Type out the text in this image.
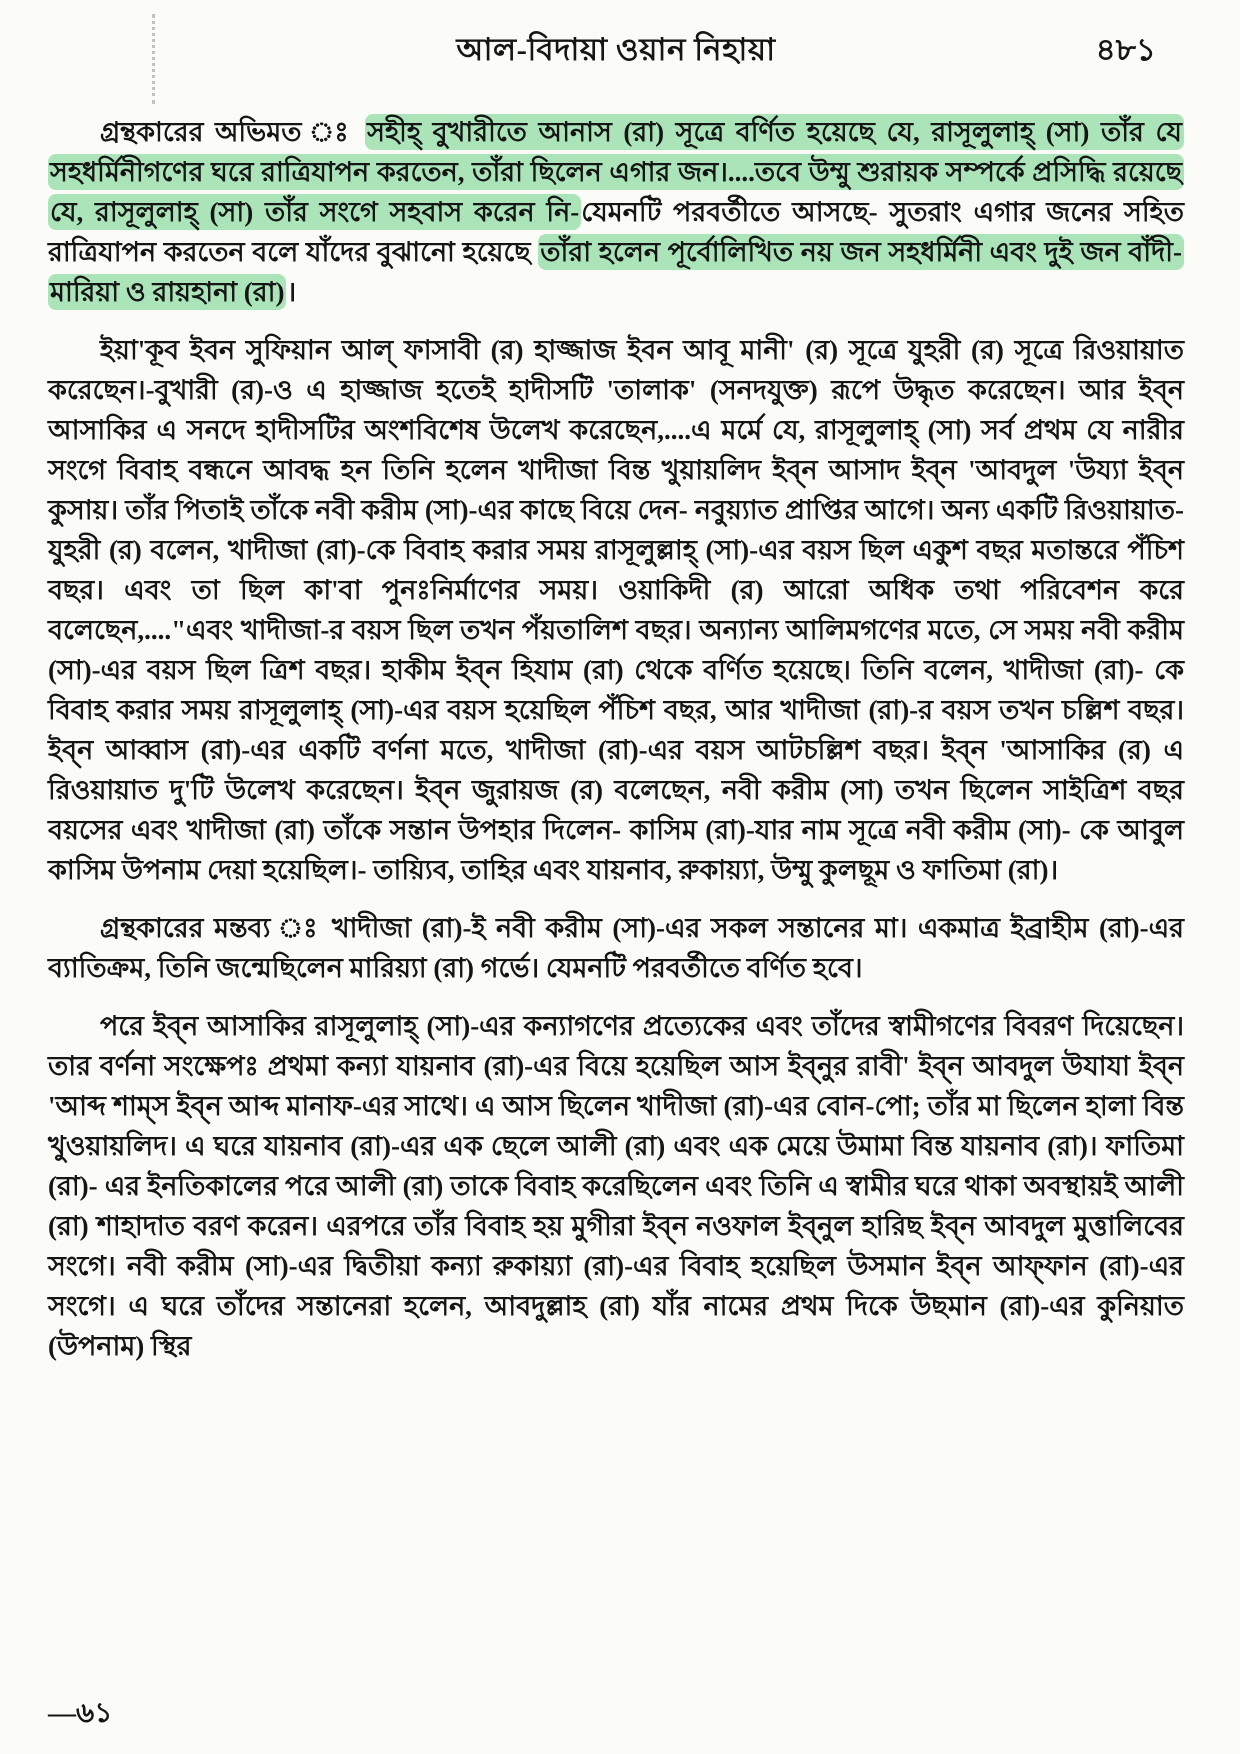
আল-বিদায়া ওয়ান নিহায়া	৪৮১

গ্রন্থকারের অভিমত ঃ সহীহ্ বুখারীতে আনাস (রা) সূত্রে বর্ণিত হয়েছে যে, রাসূলুলাহ্ (সা) তাঁর যে সহধর্মিনীগণের ঘরে রাত্রিযাপন করতেন, তাঁরা ছিলেন এগার জন।....তবে উম্মু শুরায়ক সম্পর্কে প্রসিদ্ধি রয়েছে যে, রাসূলুলাহ্ (সা) তাঁর সংগে সহবাস করেন নি-যেমনটি পরবর্তীতে আসছে- সুতরাং এগার জনের সহিত রাত্রিযাপন করতেন বলে যাঁদের বুঝানো হয়েছে তাঁরা হলেন পূর্বোলিখিত নয় জন সহধর্মিনী এবং দুই জন বাঁদী- মারিয়া ও রায়হানা (রা)।

ইয়া'কূব ইবন সুফিয়ান আল্ ফাসাবী (র) হাজ্জাজ ইবন আবূ মানী' (র) সূত্রে যুহরী (র) সূত্রে রিওয়ায়াত করেছেন।-বুখারী (র)-ও এ হাজ্জাজ হতেই হাদীসটি 'তালাক' (সনদযুক্ত) রূপে উদ্ধৃত করেছেন। আর ইব্ন আসাকির এ সনদে হাদীসটির অংশবিশেষ উলেখ করেছেন,....এ মর্মে যে, রাসূলুলাহ্ (সা) সর্ব প্রথম যে নারীর সংগে বিবাহ বন্ধনে আবদ্ধ হন তিনি হলেন খাদীজা বিন্ত খুয়ায়লিদ ইব্ন আসাদ ইব্ন 'আবদুল 'উয্যা ইব্ন কুসায়। তাঁর পিতাই তাঁকে নবী করীম (সা)-এর কাছে বিয়ে দেন- নবুয়্যাত প্রাপ্তির আগে। অন্য একটি রিওয়ায়াত- যুহরী (র) বলেন, খাদীজা (রা)-কে বিবাহ করার সময় রাসূলুল্লাহ্ (সা)-এর বয়স ছিল একুশ বছর মতান্তরে পঁচিশ বছর। এবং তা ছিল কা'বা পুনঃনির্মাণের সময়। ওয়াকিদী (র) আরো অধিক তথা পরিবেশন করে বলেছেন,...."এবং খাদীজা-র বয়স ছিল তখন পঁয়তালিশ বছর। অন্যান্য আলিমগণের মতে, সে সময় নবী করীম (সা)-এর বয়স ছিল ত্রিশ বছর। হাকীম ইব্ন হিযাম (রা) থেকে বর্ণিত হয়েছে। তিনি বলেন, খাদীজা (রা)- কে বিবাহ করার সময় রাসূলুলাহ্ (সা)-এর বয়স হয়েছিল পঁচিশ বছর, আর খাদীজা (রা)-র বয়স তখন চল্লিশ বছর। ইব্ন আব্বাস (রা)-এর একটি বর্ণনা মতে, খাদীজা (রা)-এর বয়স আটচল্লিশ বছর। ইব্ন 'আসাকির (র) এ রিওয়ায়াত দু'টি উলেখ করেছেন। ইব্ন জুরায়জ (র) বলেছেন, নবী করীম (সা) তখন ছিলেন সাইত্রিশ বছর বয়সের এবং খাদীজা (রা) তাঁকে সন্তান উপহার দিলেন- কাসিম (রা)-যার নাম সূত্রে নবী করীম (সা)- কে আবুল কাসিম উপনাম দেয়া হয়েছিল।- তায়্যিব, তাহির এবং যায়নাব, রুকায়্যা, উম্মু কুলছূম ও ফাতিমা (রা)।

গ্রন্থকারের মন্তব্য ঃ খাদীজা (রা)-ই নবী করীম (সা)-এর সকল সন্তানের মা। একমাত্র ইব্রাহীম (রা)-এর ব্যাতিক্রম, তিনি জন্মেছিলেন মারিয়্যা (রা) গর্ভে। যেমনটি পরবর্তীতে বর্ণিত হবে।

পরে ইব্ন আসাকির রাসূলুলাহ্ (সা)-এর কন্যাগণের প্রত্যেকের এবং তাঁদের স্বামীগণের বিবরণ দিয়েছেন। তার বর্ণনা সংক্ষেপঃ প্রথমা কন্যা যায়নাব (রা)-এর বিয়ে হয়েছিল আস ইব্নুর রাবী' ইব্ন আবদুল উযাযা ইব্ন 'আব্দ শাম্স ইব্ন আব্দ মানাফ-এর সাথে। এ আস ছিলেন খাদীজা (রা)-এর বোন-পো; তাঁর মা ছিলেন হালা বিন্ত খুওয়ায়লিদ। এ ঘরে যায়নাব (রা)-এর এক ছেলে আলী (রা) এবং এক মেয়ে উমামা বিন্ত যায়নাব (রা)। ফাতিমা (রা)- এর ইনতিকালের পরে আলী (রা) তাকে বিবাহ করেছিলেন এবং তিনি এ স্বামীর ঘরে থাকা অবস্থায়ই আলী (রা) শাহাদাত বরণ করেন। এরপরে তাঁর বিবাহ হয় মুগীরা ইব্ন নওফাল ইব্নুল হারিছ ইব্ন আবদুল মুত্তালিবের সংগে। নবী করীম (সা)-এর দ্বিতীয়া কন্যা রুকায়্যা (রা)-এর বিবাহ হয়েছিল উসমান ইব্ন আফ্ফান (রা)-এর সংগে। এ ঘরে তাঁদের সন্তানেরা হলেন, আবদুল্লাহ (রা) যাঁর নামের প্রথম দিকে উছমান (রা)-এর কুনিয়াত (উপনাম) স্থির

—৬১
